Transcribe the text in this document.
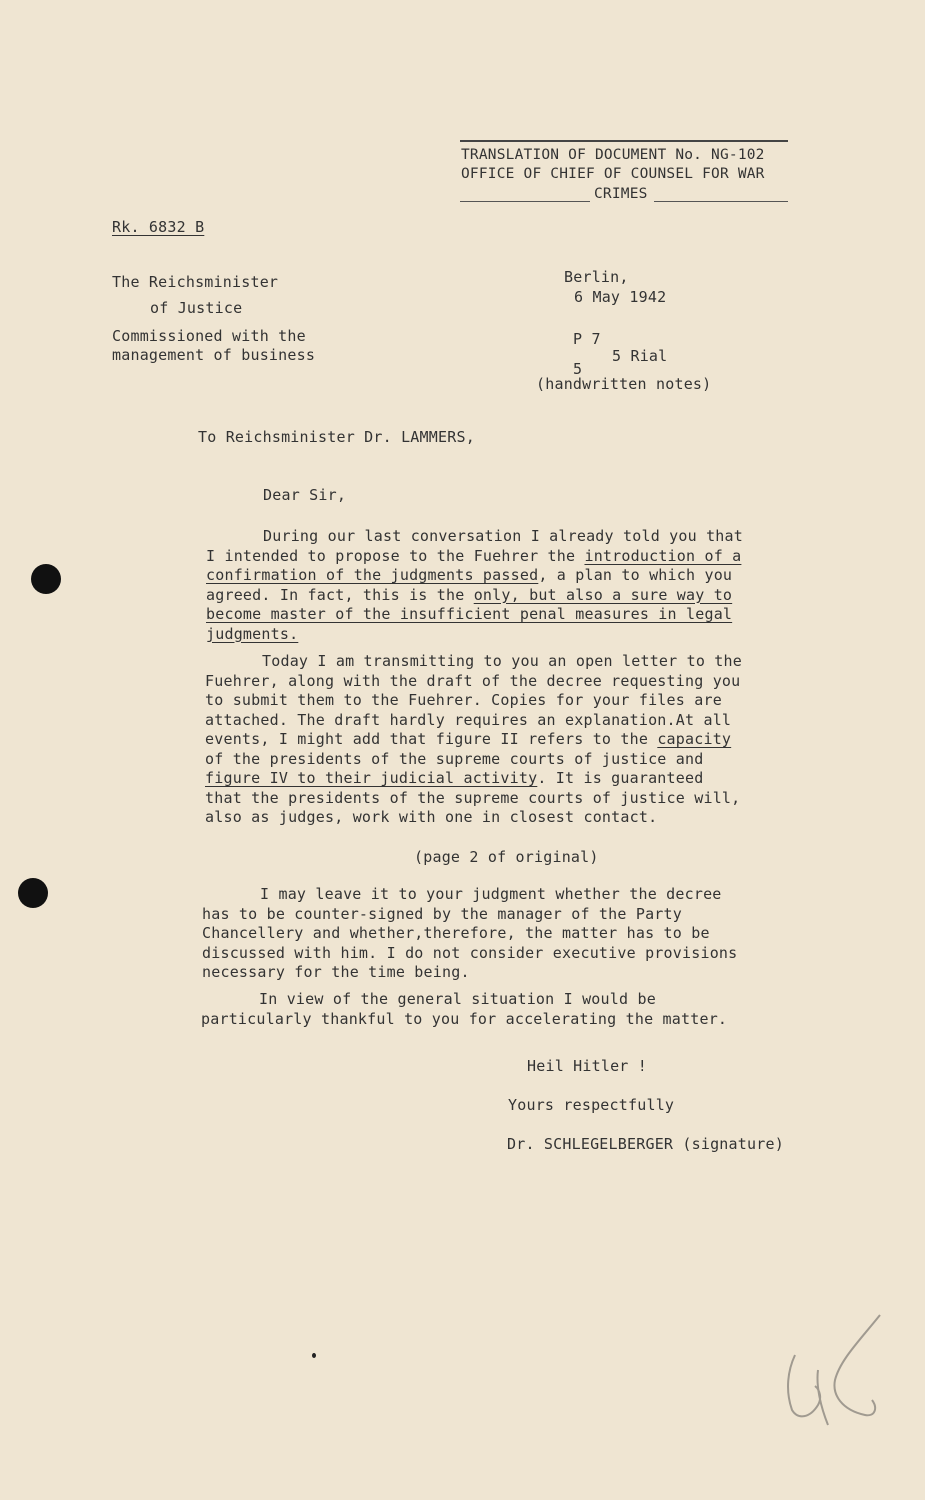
TRANSLATION OF DOCUMENT No. NG-102
OFFICE OF CHIEF OF COUNSEL FOR WAR
CRIMES
Rk. 6832 B
The Reichsminister
of Justice
Commissioned with the
management of business
Berlin,
6 May 1942
P 7
5 Rial
5
(handwritten notes)
To Reichsminister Dr. LAMMERS,
Dear Sir,
During our last conversation I already told you that
I intended to propose to the Fuehrer the introduction of a
confirmation of the judgments passed, a plan to which you
agreed. In fact, this is the only, but also a sure way to
become master of the insufficient penal measures in legal
judgments.
Today I am transmitting to you an open letter to the
Fuehrer, along with the draft of the decree requesting you
to submit them to the Fuehrer. Copies for your files are
attached. The draft hardly requires an explanation.At all
events, I might add that figure II refers to the capacity
of the presidents of the supreme courts of justice and
figure IV to their judicial activity. It is guaranteed
that the presidents of the supreme courts of justice will,
also as judges, work with one in closest contact.
(page 2 of original)
I may leave it to your judgment whether the decree
has to be counter-signed by the manager of the Party
Chancellery and whether,therefore, the matter has to be
discussed with him. I do not consider executive provisions
necessary for the time being.
In view of the general situation I would be
particularly thankful to you for accelerating the matter.
Heil Hitler !
Yours respectfully
Dr. SCHLEGELBERGER (signature)
